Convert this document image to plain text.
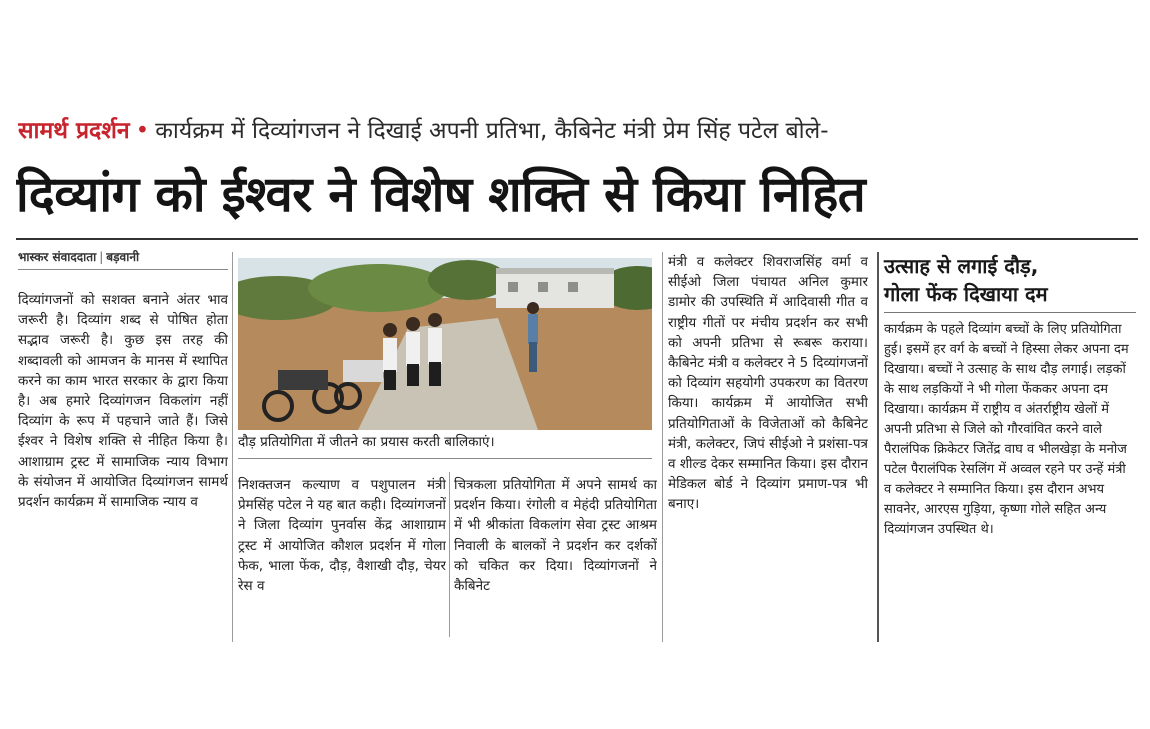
सामर्थ प्रदर्शन • कार्यक्रम में दिव्यांगजन ने दिखाई अपनी प्रतिभा, कैबिनेट मंत्री प्रेम सिंह पटेल बोले-
दिव्यांग को ईश्वर ने विशेष शक्ति से किया निहित
भास्कर संवाददाता | बड़वानी
दिव्यांगजनों को सशक्त बनाने अंतर भाव जरूरी है। दिव्यांग शब्द से पोषित होता सद्भाव जरूरी है। कुछ इस तरह की शब्दावली को आमजन के मानस में स्थापित करने का काम भारत सरकार के द्वारा किया है। अब हमारे दिव्यांगजन विकलांग नहीं दिव्यांग के रूप में पहचाने जाते हैं। जिसे ईश्वर ने विशेष शक्ति से नीहित किया है। आशाग्राम ट्रस्ट में सामाजिक न्याय विभाग के संयोजन में आयोजित दिव्यांगजन सामर्थ प्रदर्शन कार्यक्रम में सामाजिक न्याय व
दौड़ प्रतियोगिता में जीतने का प्रयास करती बालिकाएं।
निशक्तजन कल्याण व पशुपालन मंत्री प्रेमसिंह पटेल ने यह बात कही। दिव्यांगजनों ने जिला दिव्यांग पुनर्वास केंद्र आशाग्राम ट्रस्ट में आयोजित कौशल प्रदर्शन में गोला फेक, भाला फेंक, दौड़, वैशाखी दौड़, चेयर रेस व
चित्रकला प्रतियोगिता में अपने सामर्थ का प्रदर्शन किया। रंगोली व मेहंदी प्रतियोगिता में भी श्रीकांता विकलांग सेवा ट्रस्ट आश्रम निवाली के बालकों ने प्रदर्शन कर दर्शकों को चकित कर दिया। दिव्यांगजनों ने कैबिनेट
मंत्री व कलेक्टर शिवराजसिंह वर्मा व सीईओ जिला पंचायत अनिल कुमार डामोर की उपस्थिति में आदिवासी गीत व राष्ट्रीय गीतों पर मंचीय प्रदर्शन कर सभी को अपनी प्रतिभा से रूबरू कराया। कैबिनेट मंत्री व कलेक्टर ने 5 दिव्यांगजनों को दिव्यांग सहयोगी उपकरण का वितरण किया। कार्यक्रम में आयोजित सभी प्रतियोगिताओं के विजेताओं को कैबिनेट मंत्री, कलेक्टर, जिपं सीईओ ने प्रशंसा-पत्र व शील्ड देकर सम्मानित किया। इस दौरान मेडिकल बोर्ड ने दिव्यांग प्रमाण-पत्र भी बनाए।
उत्साह से लगाई दौड़,
गोला फेंक दिखाया दम
कार्यक्रम के पहले दिव्यांग बच्चों के लिए प्रतियोगिता हुई। इसमें हर वर्ग के बच्चों ने हिस्सा लेकर अपना दम दिखाया। बच्चों ने उत्साह के साथ दौड़ लगाई। लड़कों के साथ लड़कियों ने भी गोला फेंककर अपना दम दिखाया। कार्यक्रम में राष्ट्रीय व अंतर्राष्ट्रीय खेलों में अपनी प्रतिभा से जिले को गौरवांवित करने वाले पैरालंपिक क्रिकेटर जितेंद्र वाघ व भीलखेड़ा के मनोज पटेल पैरालंपिक रेसलिंग में अव्वल रहने पर उन्हें मंत्री व कलेक्टर ने सम्मानित किया। इस दौरान अभय सावनेर, आरएस गुड़िया, कृष्णा गोले सहित अन्य दिव्यांगजन उपस्थित थे।
